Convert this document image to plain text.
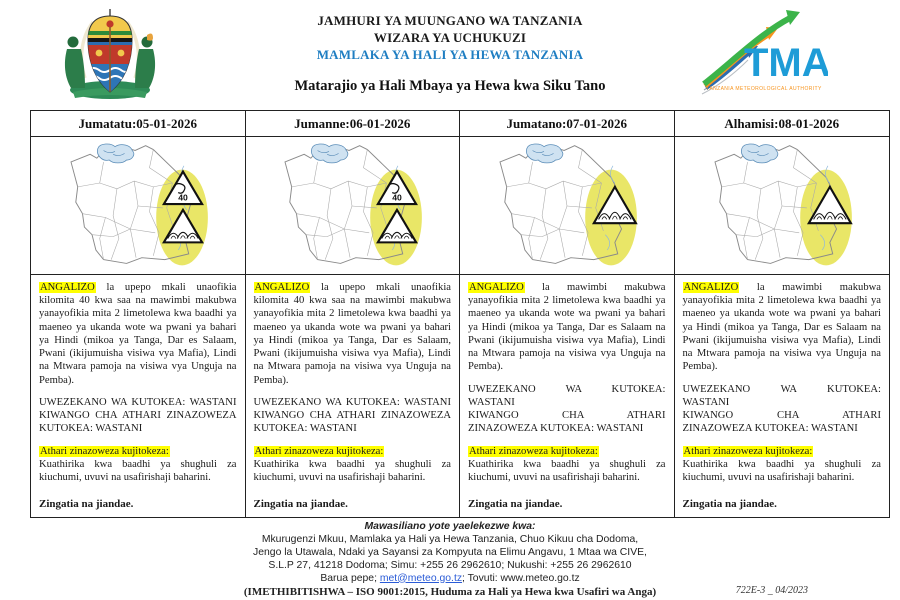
TMA
TANZANIA METEOROLOGICAL AUTHORITY
JAMHURI YA MUUNGANO WA TANZANIA
WIZARA YA UCHUKUZI
MAMLAKA YA HALI YA HEWA TANZANIA
Matarajio ya Hali Mbaya ya Hewa kwa Siku Tano
Jumatatu:05-01-2026	Jumanne:06-01-2026	Jumatano:07-01-2026	Alhamisi:08-01-2026
40	40
ANGALIZO la upepo mkali unaofikia kilomita 40 kwa saa na mawimbi makubwa yanayofikia mita 2 limetolewa kwa baadhi ya maeneo ya ukanda wote wa pwani ya bahari ya Hindi (mikoa ya Tanga, Dar es Salaam, Pwani (ikijumuisha visiwa vya Mafia), Lindi na Mtwara pamoja na visiwa vya Unguja na Pemba).
UWEZEKANO WA KUTOKEA: WASTANI
KIWANGO CHA ATHARI ZINAZOWEZA
KUTOKEA: WASTANI
Athari zinazoweza kujitokeza:
Kuathirika kwa baadhi ya shughuli za kiuchumi, uvuvi na usafirishaji baharini.
Zingatia na jiandae.
ANGALIZO la upepo mkali unaofikia kilomita 40 kwa saa na mawimbi makubwa yanayofikia mita 2 limetolewa kwa baadhi ya maeneo ya ukanda wote wa pwani ya bahari ya Hindi (mikoa ya Tanga, Dar es Salaam, Pwani (ikijumuisha visiwa vya Mafia), Lindi na Mtwara pamoja na visiwa vya Unguja na Pemba).
UWEZEKANO WA KUTOKEA: WASTANI
KIWANGO CHA ATHARI ZINAZOWEZA
KUTOKEA: WASTANI
Athari zinazoweza kujitokeza:
Kuathirika kwa baadhi ya shughuli za kiuchumi, uvuvi na usafirishaji baharini.
Zingatia na jiandae.
ANGALIZO la mawimbi makubwa yanayofikia mita 2 limetolewa kwa baadhi ya maeneo ya ukanda wote wa pwani ya bahari ya Hindi (mikoa ya Tanga, Dar es Salaam na Pwani (ikijumuisha visiwa vya Mafia), Lindi na Mtwara pamoja na visiwa vya Unguja na Pemba).
UWEZEKANO WA KUTOKEA:
WASTANI
KIWANGO CHA ATHARI
ZINAZOWEZA KUTOKEA: WASTANI
Athari zinazoweza kujitokeza:
Kuathirika kwa baadhi ya shughuli za kiuchumi, uvuvi na usafirishaji baharini.
Zingatia na jiandae.
ANGALIZO la mawimbi makubwa yanayofikia mita 2 limetolewa kwa baadhi ya maeneo ya ukanda wote wa pwani ya bahari ya Hindi (mikoa ya Tanga, Dar es Salaam na Pwani (ikijumuisha visiwa vya Mafia), Lindi na Mtwara pamoja na visiwa vya Unguja na Pemba).
UWEZEKANO WA KUTOKEA:
WASTANI
KIWANGO CHA ATHARI
ZINAZOWEZA KUTOKEA: WASTANI
Athari zinazoweza kujitokeza:
Kuathirika kwa baadhi ya shughuli za kiuchumi, uvuvi na usafirishaji baharini.
Zingatia na jiandae.
Mawasiliano yote yaelekezwe kwa:
Mkurugenzi Mkuu, Mamlaka ya Hali ya Hewa Tanzania, Chuo Kikuu cha Dodoma,
Jengo la Utawala, Ndaki ya Sayansi za Kompyuta na Elimu Angavu, 1 Mtaa wa CIVE,
S.L.P 27, 41218 Dodoma; Simu: +255 26 2962610; Nukushi: +255 26 2962610
Barua pepe; met@meteo.go.tz; Tovuti: www.meteo.go.tz
(IMETHIBITISHWA – ISO 9001:2015, Huduma za Hali ya Hewa kwa Usafiri wa Anga)	722E-3 _ 04/2023
